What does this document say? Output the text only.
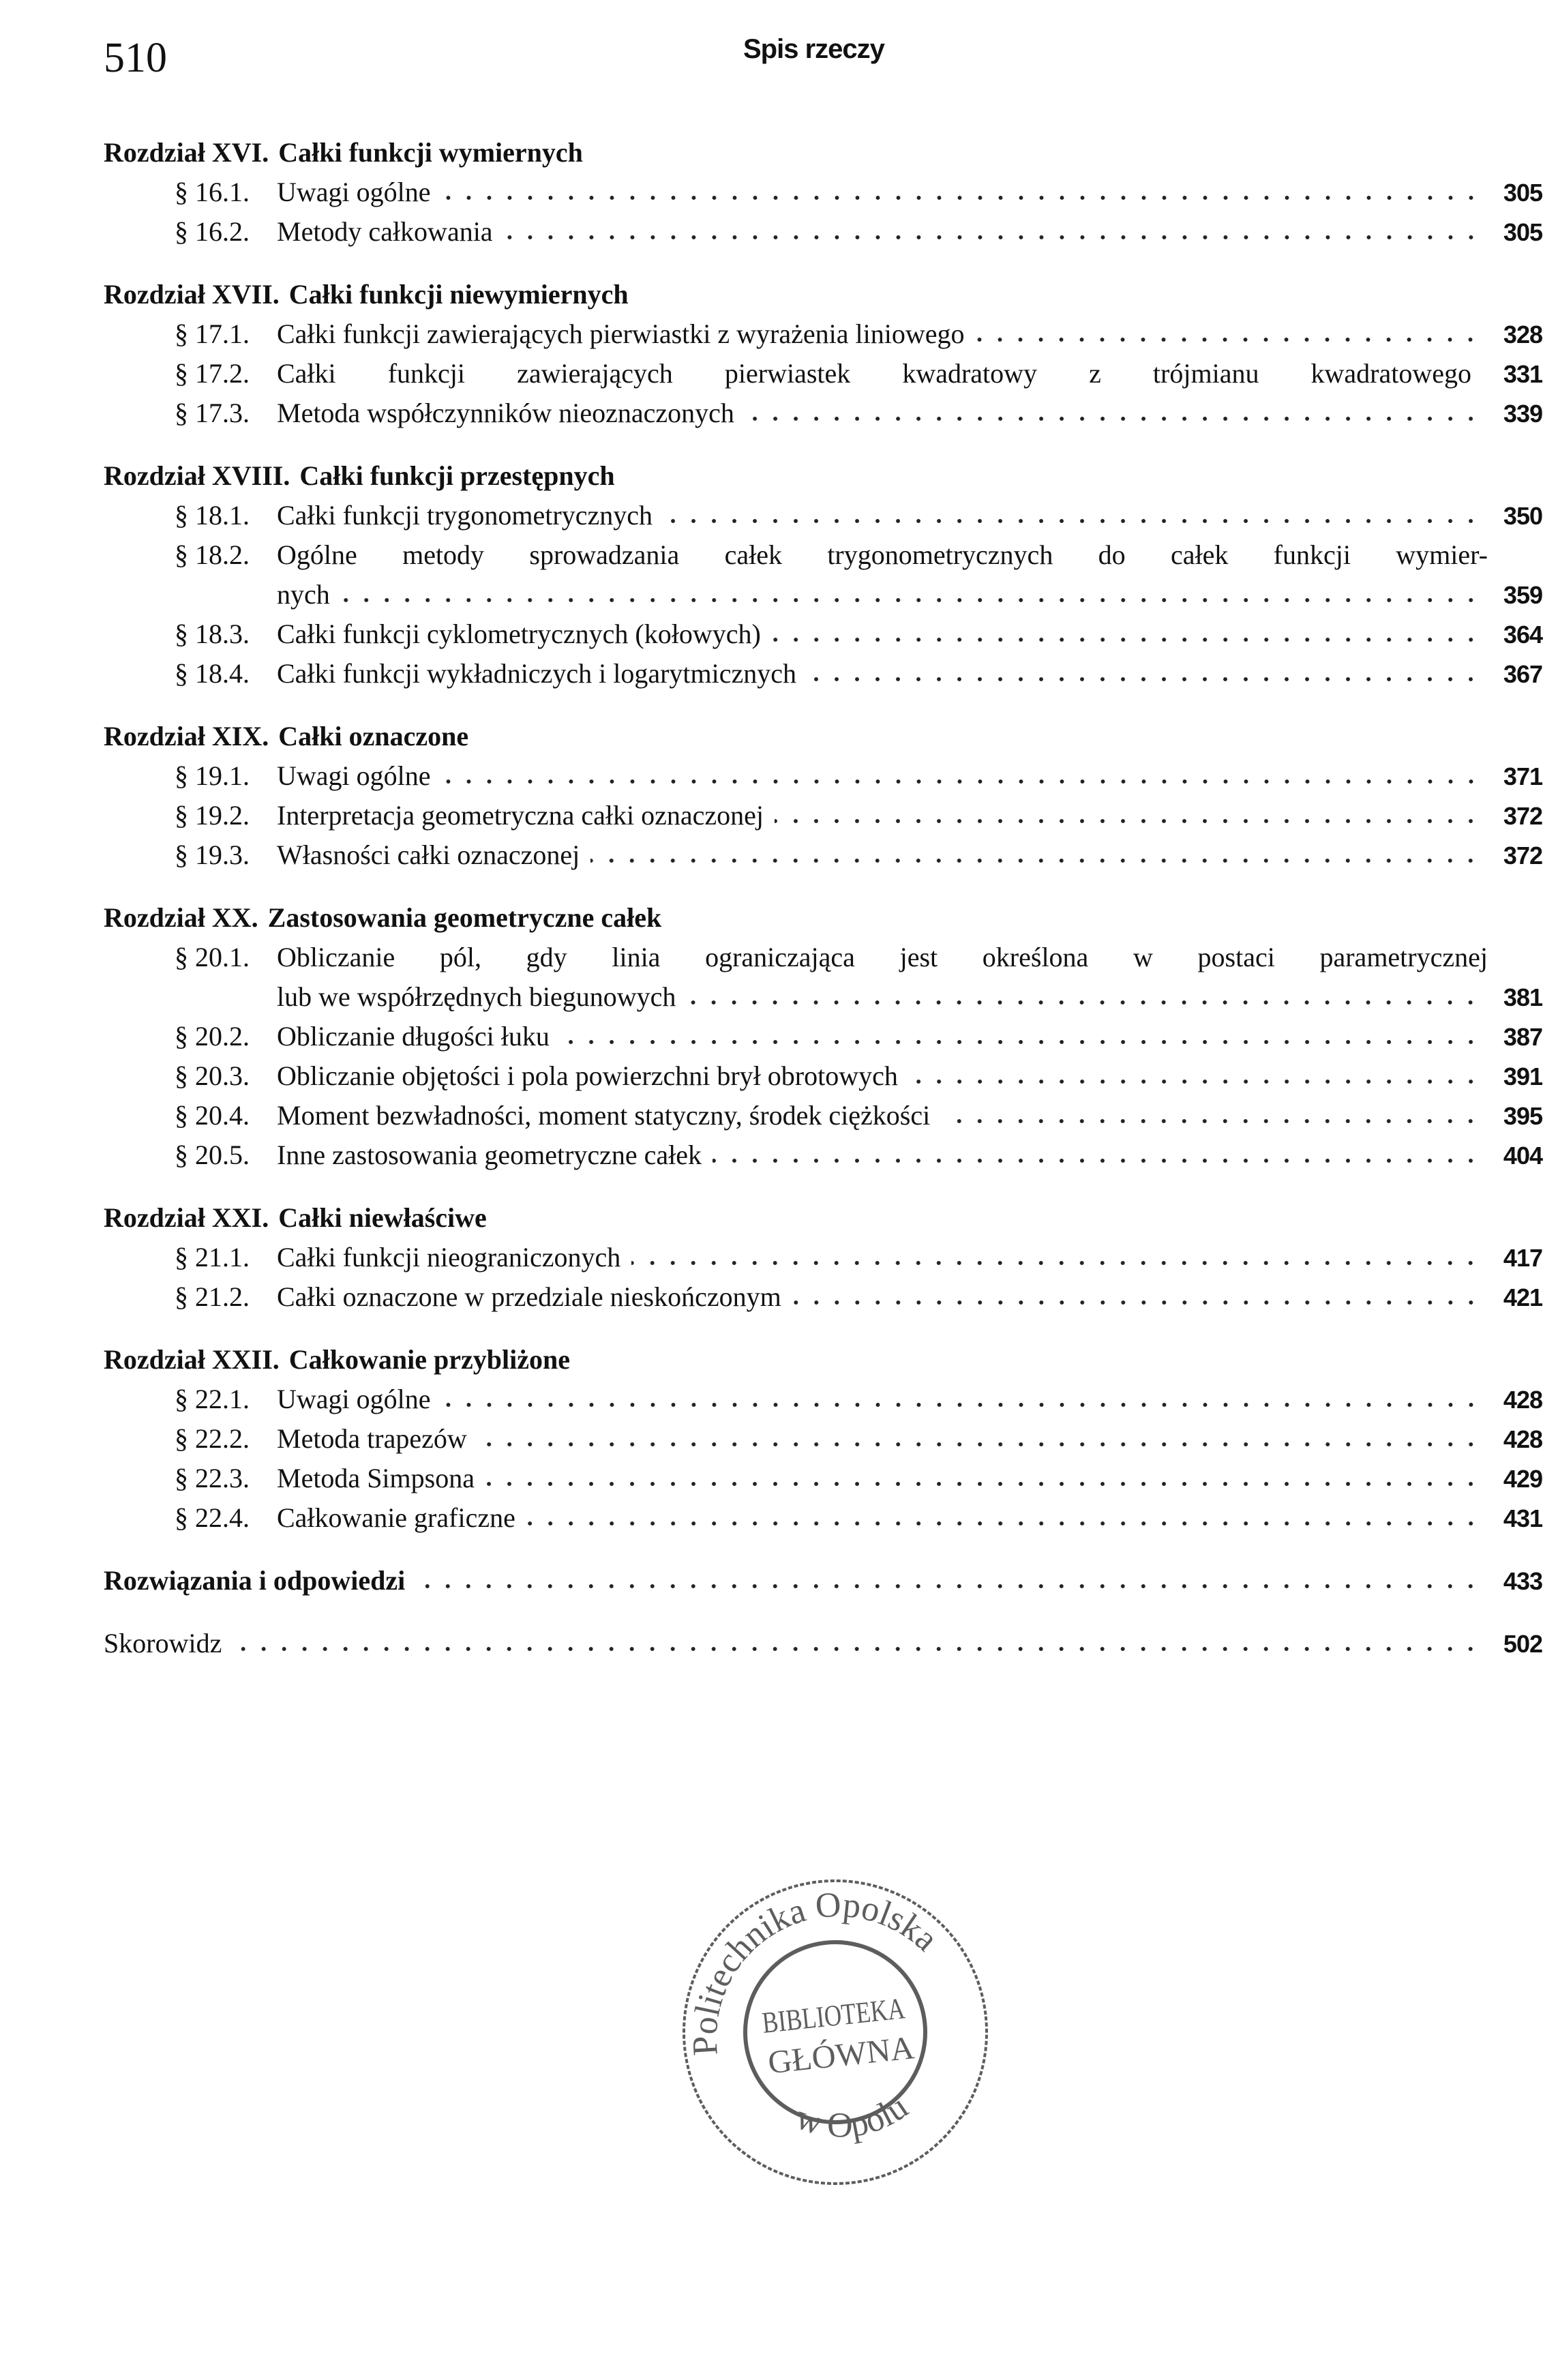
510	Spis rzeczy
Rozdział XVI. Całki funkcji wymiernych
§ 16.1.	Uwagi ogólne	305
§ 16.2.	Metody całkowania	305
Rozdział XVII. Całki funkcji niewymiernych
§ 17.1.	Całki funkcji zawierających pierwiastki z wyrażenia liniowego	328
§ 17.2.	Całki funkcji zawierających pierwiastek kwadratowy z trójmianu kwadratowego	331
§ 17.3.	Metoda współczynników nieoznaczonych	339
Rozdział XVIII. Całki funkcji przestępnych
§ 18.1.	Całki funkcji trygonometrycznych	350
§ 18.2.	Ogólne metody sprowadzania całek trygonometrycznych do całek funkcji wymier-
nych	359
§ 18.3.	Całki funkcji cyklometrycznych (kołowych)	364
§ 18.4.	Całki funkcji wykładniczych i logarytmicznych	367
Rozdział XIX. Całki oznaczone
§ 19.1.	Uwagi ogólne	371
§ 19.2.	Interpretacja geometryczna całki oznaczonej	372
§ 19.3.	Własności całki oznaczonej	372
Rozdział XX. Zastosowania geometryczne całek
§ 20.1.	Obliczanie pól, gdy linia ograniczająca jest określona w postaci parametrycznej
lub we współrzędnych biegunowych	381
§ 20.2.	Obliczanie długości łuku	387
§ 20.3.	Obliczanie objętości i pola powierzchni brył obrotowych	391
§ 20.4.	Moment bezwładności, moment statyczny, środek ciężkości	395
§ 20.5.	Inne zastosowania geometryczne całek	404
Rozdział XXI. Całki niewłaściwe
§ 21.1.	Całki funkcji nieograniczonych	417
§ 21.2.	Całki oznaczone w przedziale nieskończonym	421
Rozdział XXII. Całkowanie przybliżone
§ 22.1.	Uwagi ogólne	428
§ 22.2.	Metoda trapezów	428
§ 22.3.	Metoda Simpsona	429
§ 22.4.	Całkowanie graficzne	431
Rozwiązania i odpowiedzi	433
Skorowidz	502
Politechnika Opolska
w Opolu
BIBLIOTEKA
GŁÓWNA
